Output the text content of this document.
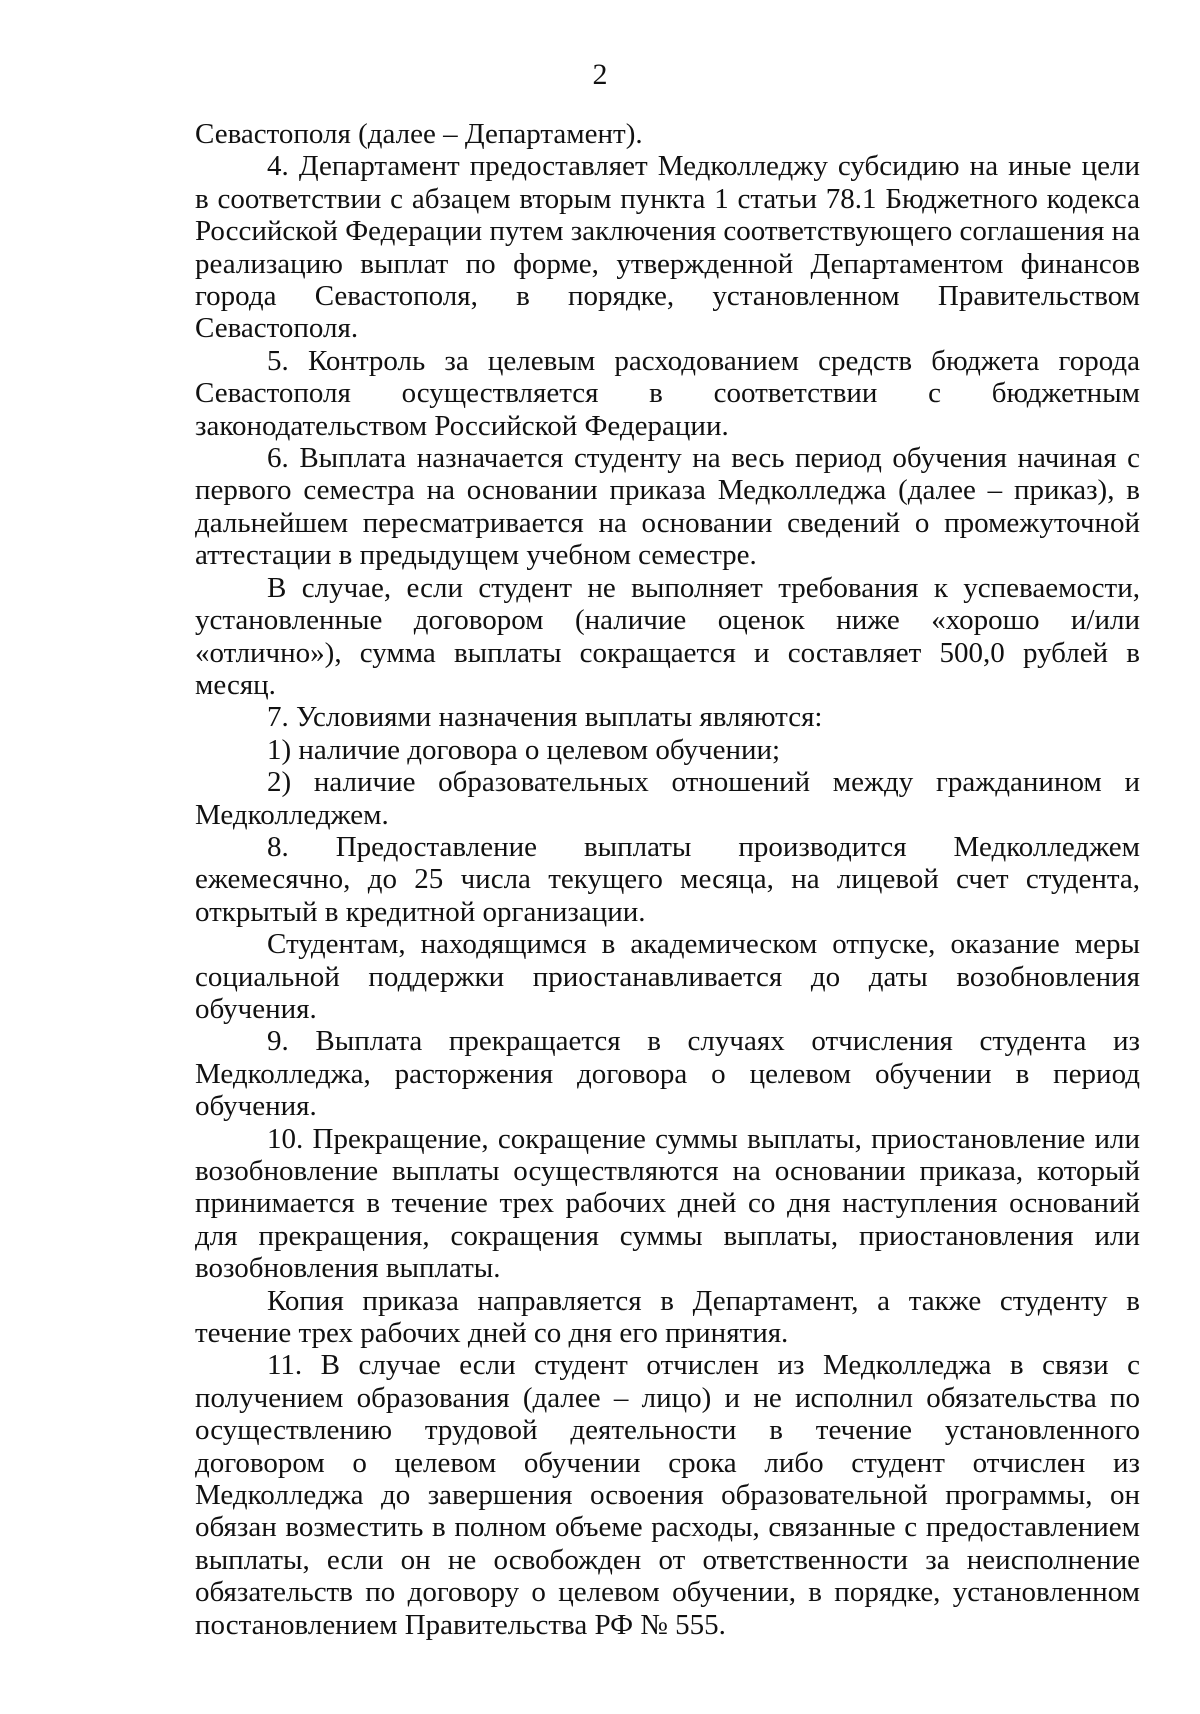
2

Севастополя (далее – Департамент).

4. Департамент предоставляет Медколледжу субсидию на иные цели в соответствии с абзацем вторым пункта 1 статьи 78.1 Бюджетного кодекса Российской Федерации путем заключения соответствующего соглашения на реализацию выплат по форме, утвержденной Департаментом финансов города Севастополя, в порядке, установленном Правительством Севастополя.

5. Контроль за целевым расходованием средств бюджета города Севастополя осуществляется в соответствии с бюджетным законодательством Российской Федерации.

6. Выплата назначается студенту на весь период обучения начиная с первого семестра на основании приказа Медколледжа (далее – приказ), в дальнейшем пересматривается на основании сведений о промежуточной аттестации в предыдущем учебном семестре.

В случае, если студент не выполняет требования к успеваемости, установленные договором (наличие оценок ниже «хорошо и/или «отлично»), сумма выплаты сокращается и составляет 500,0 рублей в месяц.

7. Условиями назначения выплаты являются:

1) наличие договора о целевом обучении;

2) наличие образовательных отношений между гражданином и Медколледжем.

8. Предоставление выплаты производится Медколледжем ежемесячно, до 25 числа текущего месяца, на лицевой счет студента, открытый в кредитной организации.

Студентам, находящимся в академическом отпуске, оказание меры социальной поддержки приостанавливается до даты возобновления обучения.

9. Выплата прекращается в случаях отчисления студента из Медколледжа, расторжения договора о целевом обучении в период обучения.

10. Прекращение, сокращение суммы выплаты, приостановление или возобновление выплаты осуществляются на основании приказа, который принимается в течение трех рабочих дней со дня наступления оснований для прекращения, сокращения суммы выплаты, приостановления или возобновления выплаты.

Копия приказа направляется в Департамент, а также студенту в течение трех рабочих дней со дня его принятия.

11. В случае если студент отчислен из Медколледжа в связи с получением образования (далее – лицо) и не исполнил обязательства по осуществлению трудовой деятельности в течение установленного договором о целевом обучении срока либо студент отчислен из Медколледжа до завершения освоения образовательной программы, он обязан возместить в полном объеме расходы, связанные с предоставлением выплаты, если он не освобожден от ответственности за неисполнение обязательств по договору о целевом обучении, в порядке, установленном постановлением Правительства РФ № 555.
